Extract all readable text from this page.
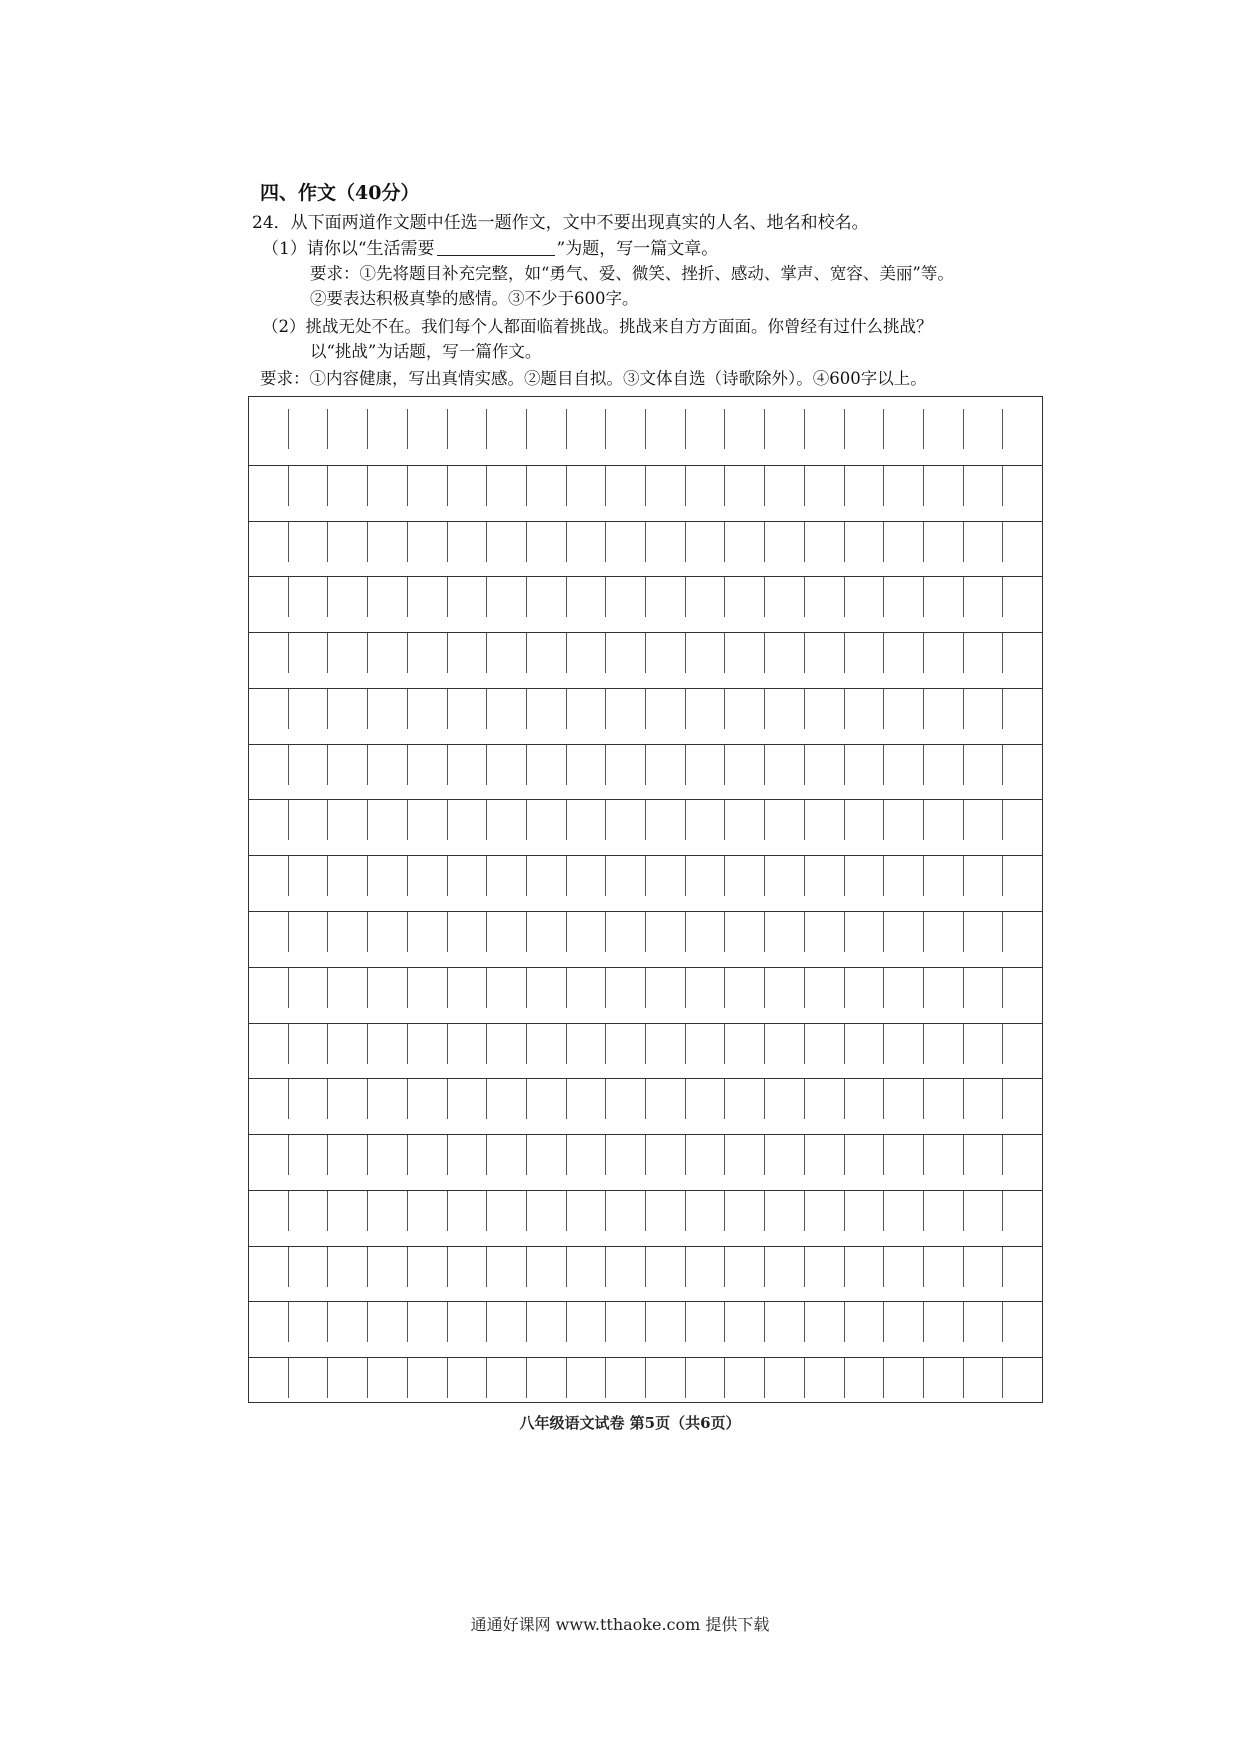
四、作文（40分）
24．从下面两道作文题中任选一题作文，文中不要出现真实的人名、地名和校名。
（1）请你以“生活需要	”为题，写一篇文章。
要求：①先将题目补充完整，如“勇气、爱、微笑、挫折、感动、掌声、宽容、美丽”等。
②要表达积极真挚的感情。③不少于600字。
（2）挑战无处不在。我们每个人都面临着挑战。挑战来自方方面面。你曾经有过什么挑战？
以“挑战”为话题，写一篇作文。
要求：①内容健康，写出真情实感。②题目自拟。③文体自选（诗歌除外）。④600字以上。
八年级语文试卷 第5页（共6页）
通通好课网 www.tthaoke.com 提供下载
